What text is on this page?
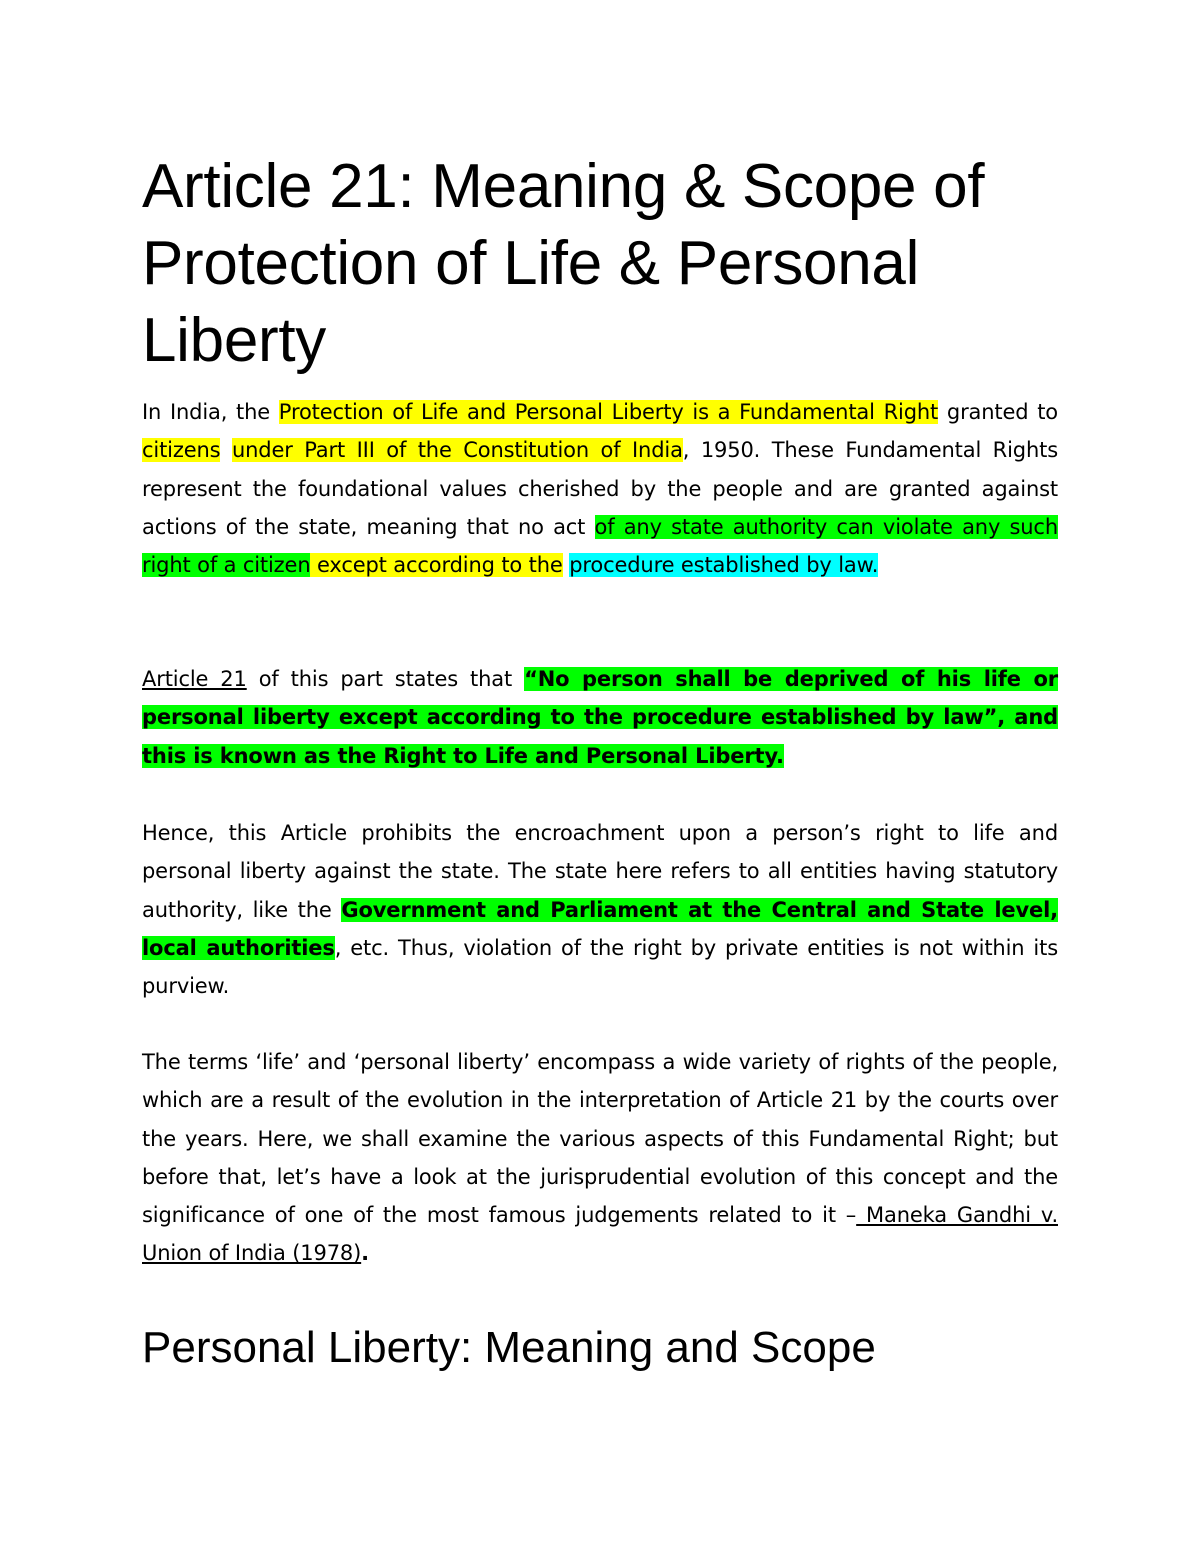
Article 21: Meaning & Scope of Protection of Life & Personal Liberty

In India, the Protection of Life and Personal Liberty is a Fundamental Right granted to citizens under Part III of the Constitution of India, 1950. These Fundamental Rights represent the foundational values cherished by the people and are granted against actions of the state, meaning that no act of any state authority can violate any such right of a citizen except according to the procedure established by law.

Article 21 of this part states that “No person shall be deprived of his life or personal liberty except according to the procedure established by law”, and this is known as the Right to Life and Personal Liberty.

Hence, this Article prohibits the encroachment upon a person’s right to life and personal liberty against the state. The state here refers to all entities having statutory authority, like the Government and Parliament at the Central and State level, local authorities, etc. Thus, violation of the right by private entities is not within its purview.

The terms ‘life’ and ‘personal liberty’ encompass a wide variety of rights of the people, which are a result of the evolution in the interpretation of Article 21 by the courts over the years. Here, we shall examine the various aspects of this Fundamental Right; but before that, let’s have a look at the jurisprudential evolution of this concept and the significance of one of the most famous judgements related to it – Maneka Gandhi v. Union of India (1978).

Personal Liberty: Meaning and Scope
